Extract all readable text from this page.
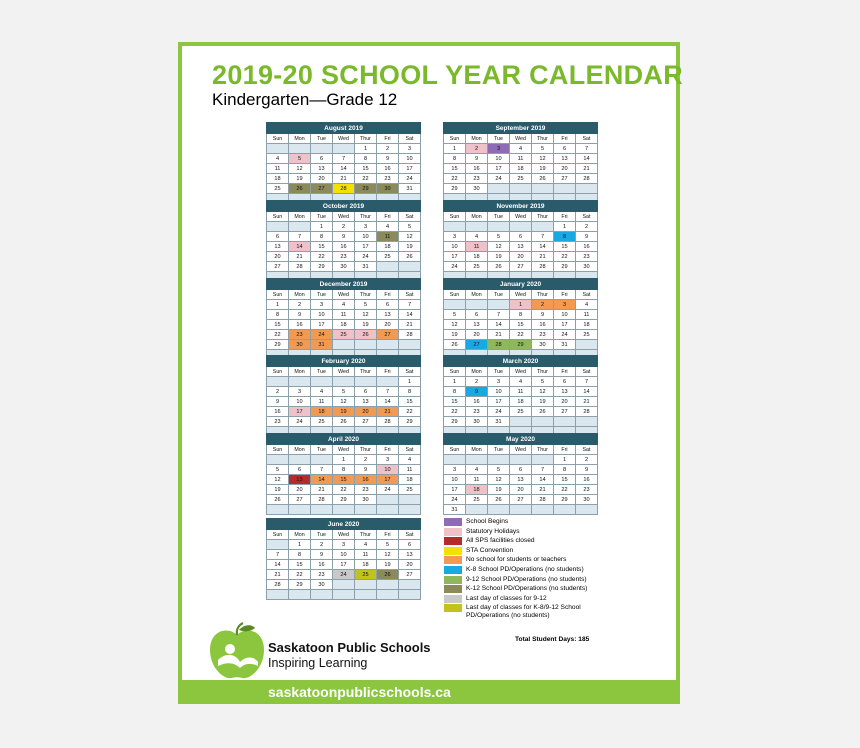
2019-20 SCHOOL YEAR CALENDAR
Kindergarten—Grade 12
August 2019						
Sun	Mon	Tue	Wed	Thur	Fri	Sat
				1	2	3
4	5	6	7	8	9	10
11	12	13	14	15	16	17
18	19	20	21	22	23	24
25	26	27	28	29	30	31

September 2019						
Sun	Mon	Tue	Wed	Thur	Fri	Sat
1	2	3	4	5	6	7
8	9	10	11	12	13	14
15	16	17	18	19	20	21
22	23	24	25	26	27	28
29	30					

October 2019						
Sun	Mon	Tue	Wed	Thur	Fri	Sat
		1	2	3	4	5
6	7	8	9	10	11	12
13	14	15	16	17	18	19
20	21	22	23	24	25	26
27	28	29	30	31		

November 2019						
Sun	Mon	Tue	Wed	Thur	Fri	Sat
					1	2
3	4	5	6	7	8	9
10	11	12	13	14	15	16
17	18	19	20	21	22	23
24	25	26	27	28	29	30

December 2019						
Sun	Mon	Tue	Wed	Thur	Fri	Sat
1	2	3	4	5	6	7
8	9	10	11	12	13	14
15	16	17	18	19	20	21
22	23	24	25	26	27	28
29	30	31				

January 2020						
Sun	Mon	Tue	Wed	Thur	Fri	Sat
			1	2	3	4
5	6	7	8	9	10	11
12	13	14	15	16	17	18
19	20	21	22	23	24	25
26	27	28	29	30	31	

February 2020						
Sun	Mon	Tue	Wed	Thur	Fri	Sat
						1
2	3	4	5	6	7	8
9	10	11	12	13	14	15
16	17	18	19	20	21	22
23	24	25	26	27	28	29

March 2020						
Sun	Mon	Tue	Wed	Thur	Fri	Sat
1	2	3	4	5	6	7
8	9	10	11	12	13	14
15	16	17	18	19	20	21
22	23	24	25	26	27	28
29	30	31				

April 2020						
Sun	Mon	Tue	Wed	Thur	Fri	Sat
			1	2	3	4
5	6	7	8	9	10	11
12	13	14	15	16	17	18
19	20	21	22	23	24	25
26	27	28	29	30		

May 2020						
Sun	Mon	Tue	Wed	Thur	Fri	Sat
					1	2
3	4	5	6	7	8	9
10	11	12	13	14	15	16
17	18	19	20	21	22	23
24	25	26	27	28	29	30
31						
June 2020						
Sun	Mon	Tue	Wed	Thur	Fri	Sat
	1	2	3	4	5	6
7	8	9	10	11	12	13
14	15	16	17	18	19	20
21	22	23	24	25	26	27
28	29	30				

School Begins
Statutory Holidays
All SPS facilities closed
STA Convention
No school for students or teachers
K-8 School PD/Operations (no students)
9-12 School PD/Operations (no students)
K-12 School PD/Operations (no students)
Last day of classes for 9-12
Last day of classes for K-8/9-12 School PD/Operations (no students)
Total Student Days: 185
Saskatoon Public Schools
Inspiring Learning
saskatoonpublicschools.ca
